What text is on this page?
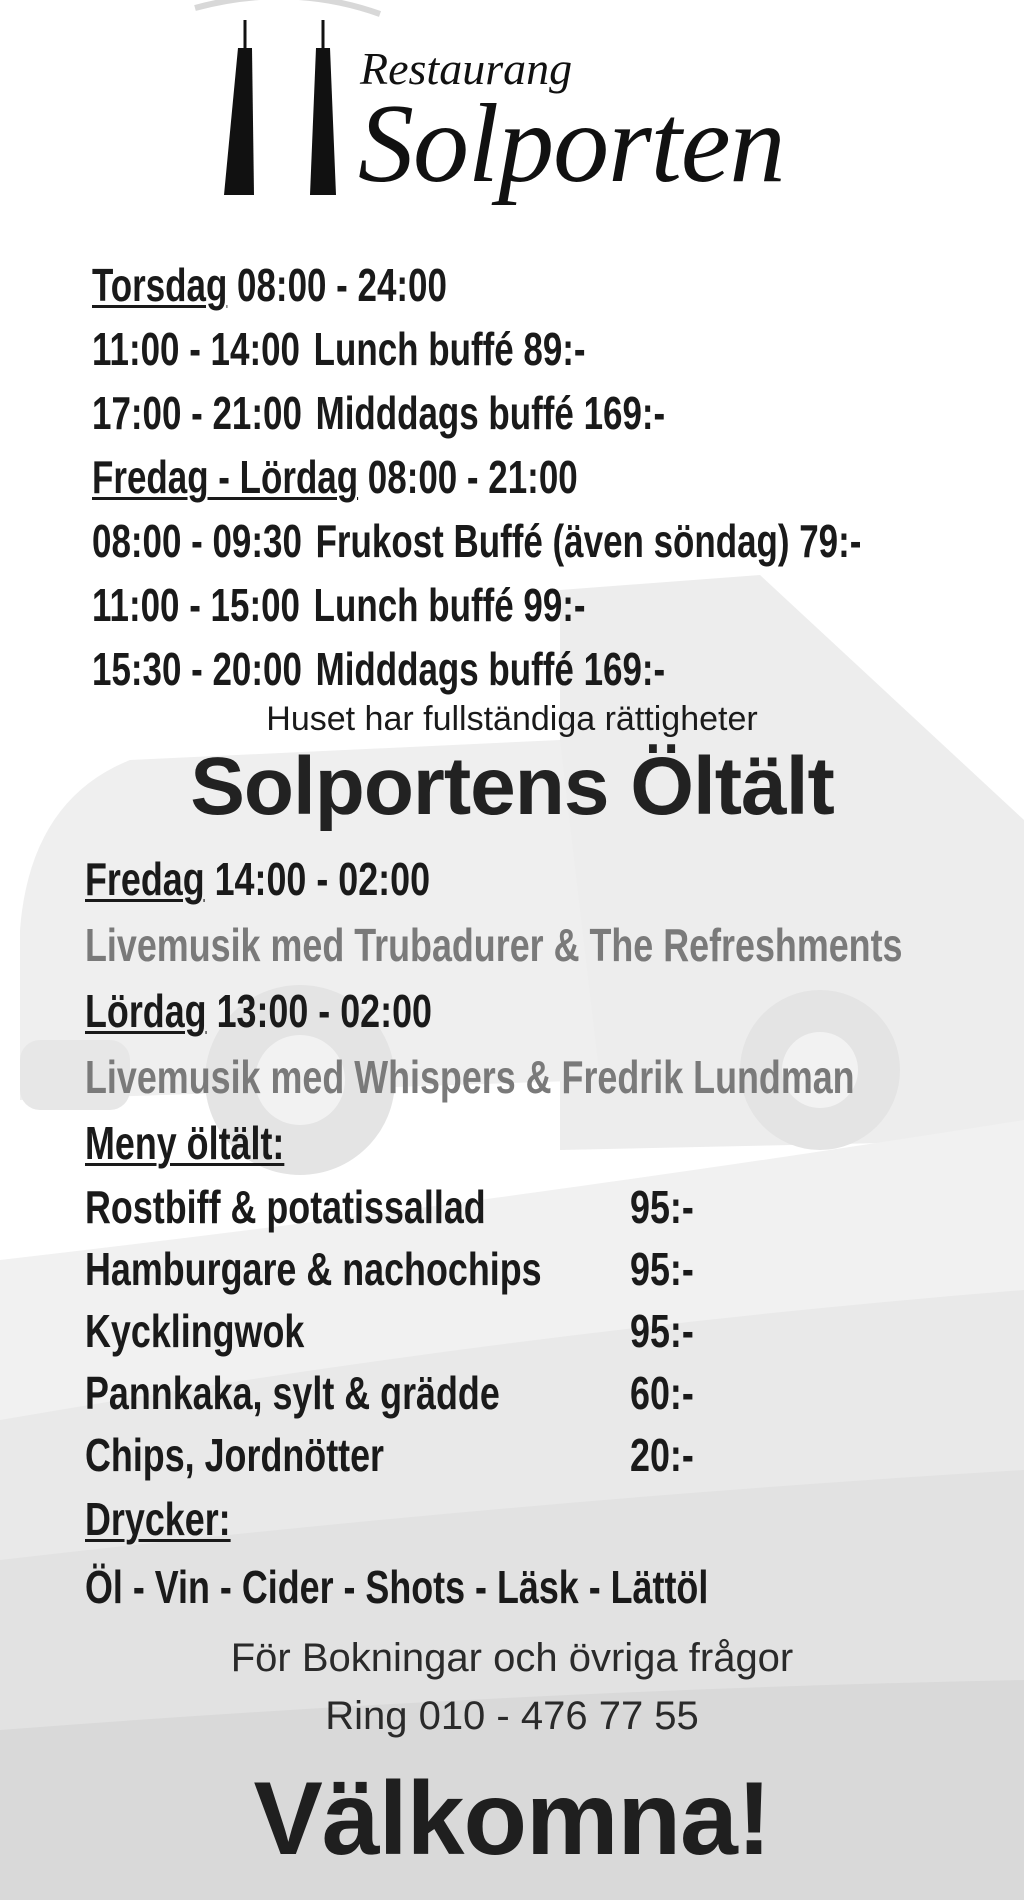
Restaurang
Solporten
Torsdag 08:00 - 24:00
11:00 - 14:00 Lunch buffé 89:-
17:00 - 21:00 Midddags buffé 169:-
Fredag - Lördag 08:00 - 21:00
08:00 - 09:30 Frukost Buffé (även söndag) 79:-
11:00 - 15:00 Lunch buffé 99:-
15:30 - 20:00 Midddags buffé 169:-
Huset har fullständiga rättigheter
Solportens Öltält
Fredag 14:00 - 02:00
Livemusik med Trubadurer & The Refreshments
Lördag 13:00 - 02:00
Livemusik med Whispers & Fredrik Lundman
Meny öltält:
Rostbiff & potatissallad	95:-
Hamburgare & nachochips 95:-
Kycklingwok	95:-
Pannkaka, sylt & grädde	60:-
Chips, Jordnötter	20:-
Drycker:
Öl - Vin - Cider - Shots - Läsk - Lättöl
För Bokningar och övriga frågor
Ring 010 - 476 77 55
Välkomna!
